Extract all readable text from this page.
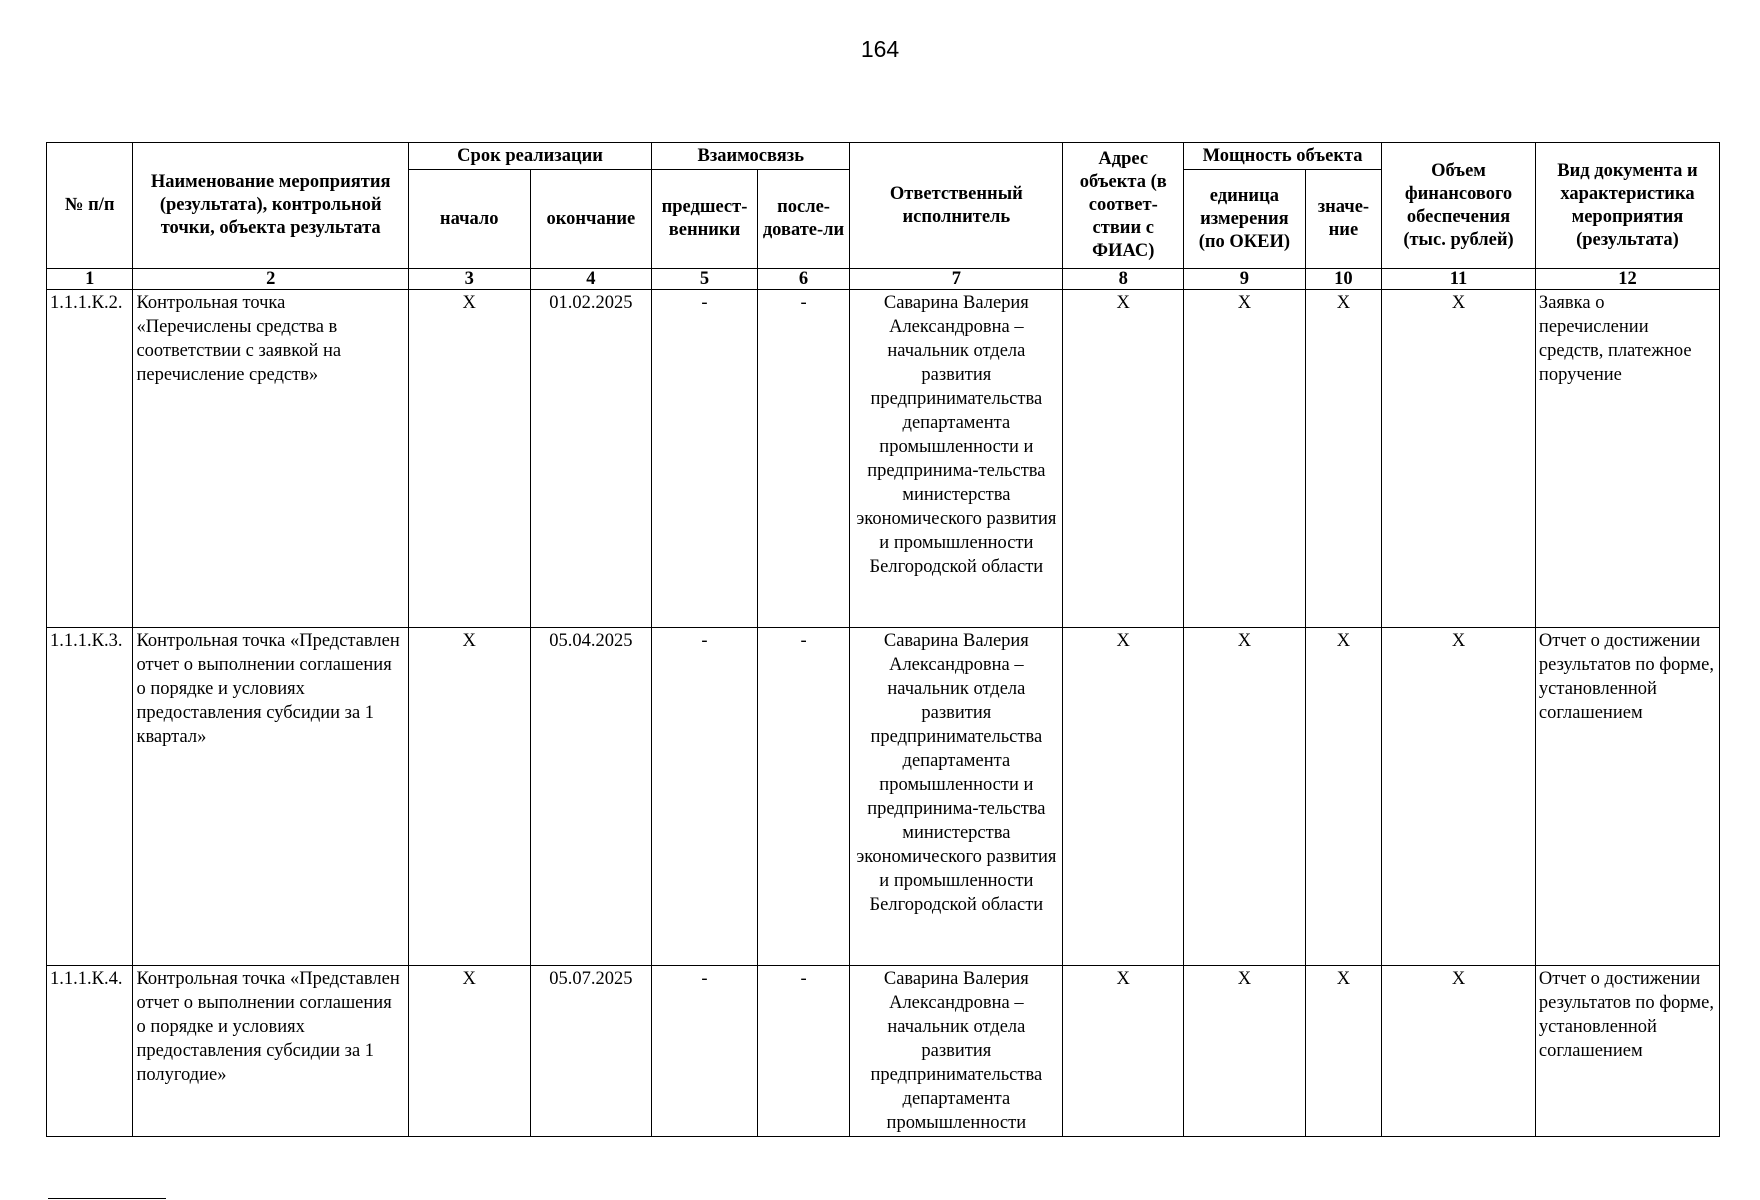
164
№ п/п	Наименование мероприятия (результата), контрольной точки, объекта результата	Срок реализации		Взаимосвязь		Ответственный исполнитель	Адрес объекта (в соответ-ствии с ФИАС)	Мощность объекта		Объем финансового обеспечения (тыс. рублей)	Вид документа и характеристика мероприятия (результата)
		начало	окончание	предшест-венники	после-довате-ли			единица измерения (по ОКЕИ)	значе-ние		
1	2	3	4	5	6	7	8	9	10	11	12
1.1.1.К.2.	Контрольная точка «Перечислены средства в соответствии с заявкой на перечисление средств»	X	01.02.2025	-	-	Саварина Валерия Александровна – начальник отдела развития предпринимательства департамента промышленности и предпринима-тельства министерства экономического развития и промышленности Белгородской области	X	X	X	X	Заявка о перечислении средств, платежное поручение
1.1.1.К.3.	Контрольная точка «Представлен отчет о выполнении соглашения о порядке и условиях предоставления субсидии за 1 квартал»	X	05.04.2025	-	-	Саварина Валерия Александровна – начальник отдела развития предпринимательства департамента промышленности и предпринима-тельства министерства экономического развития и промышленности Белгородской области	X	X	X	X	Отчет о достижении результатов по форме, установленной соглашением
1.1.1.К.4.	Контрольная точка «Представлен отчет о выполнении соглашения о порядке и условиях предоставления субсидии за 1 полугодие»	X	05.07.2025	-	-	Саварина Валерия Александровна – начальник отдела развития предпринимательства департамента промышленности	X	X	X	X	Отчет о достижении результатов по форме, установленной соглашением
